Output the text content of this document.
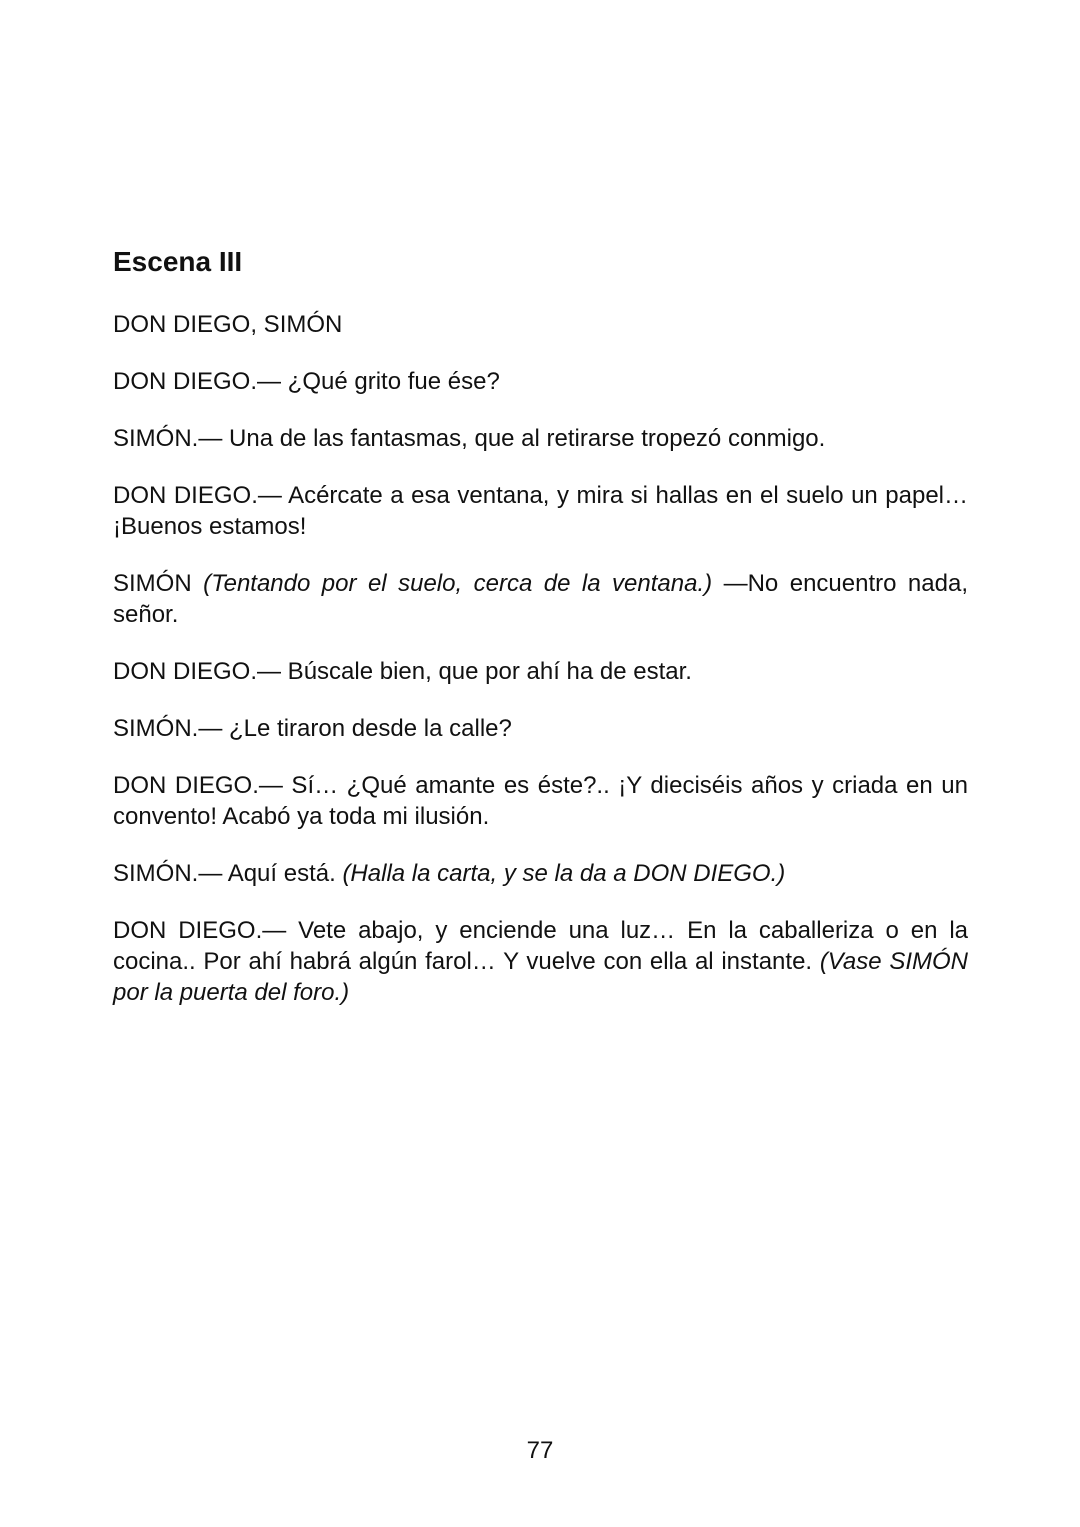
Escena III

DON DIEGO, SIMÓN

DON DIEGO.— ¿Qué grito fue ése?

SIMÓN.— Una de las fantasmas, que al retirarse tropezó conmigo.

DON DIEGO.— Acércate a esa ventana, y mira si hallas en el suelo un papel… ¡Buenos estamos!

SIMÓN (Tentando por el suelo, cerca de la ventana.) —No encuentro nada, señor.

DON DIEGO.— Búscale bien, que por ahí ha de estar.

SIMÓN.— ¿Le tiraron desde la calle?

DON DIEGO.— Sí… ¿Qué amante es éste?.. ¡Y dieciséis años y criada en un convento! Acabó ya toda mi ilusión.

SIMÓN.— Aquí está. (Halla la carta, y se la da a DON DIEGO.)

DON DIEGO.— Vete abajo, y enciende una luz… En la caballeriza o en la cocina.. Por ahí habrá algún farol… Y vuelve con ella al instante. (Vase SIMÓN por la puerta del foro.)

77
